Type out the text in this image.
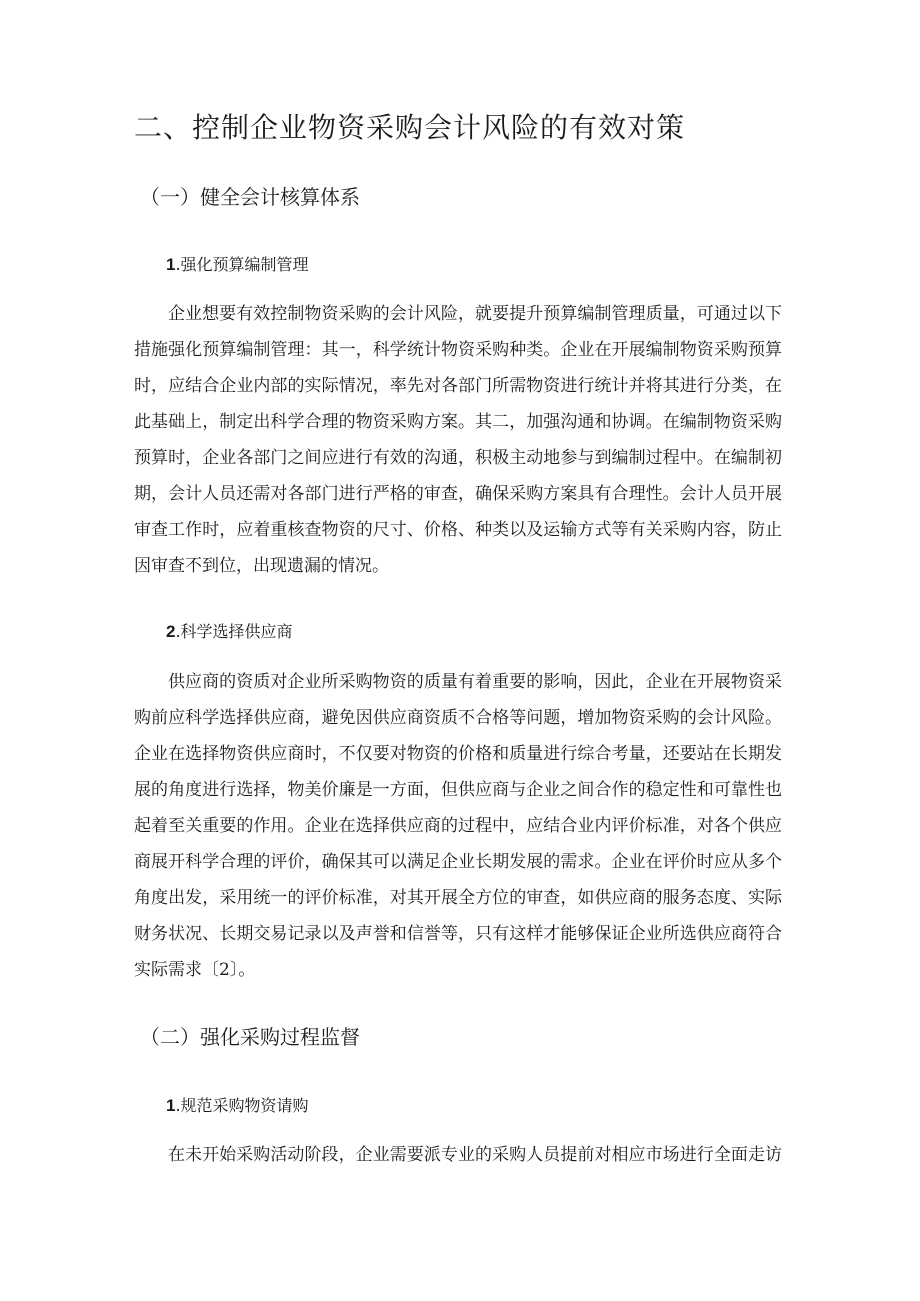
二、控制企业物资采购会计风险的有效对策
（一）健全会计核算体系
1.强化预算编制管理
企业想要有效控制物资采购的会计风险，就要提升预算编制管理质量，可通过以下
措施强化预算编制管理：其一，科学统计物资采购种类。企业在开展编制物资采购预算
时，应结合企业内部的实际情况，率先对各部门所需物资进行统计并将其进行分类，在
此基础上，制定出科学合理的物资采购方案。其二，加强沟通和协调。在编制物资采购
预算时，企业各部门之间应进行有效的沟通，积极主动地参与到编制过程中。在编制初
期，会计人员还需对各部门进行严格的审查，确保采购方案具有合理性。会计人员开展
审查工作时，应着重核查物资的尺寸、价格、种类以及运输方式等有关采购内容，防止
因审查不到位，出现遗漏的情况。
2.科学选择供应商
供应商的资质对企业所采购物资的质量有着重要的影响，因此，企业在开展物资采
购前应科学选择供应商，避免因供应商资质不合格等问题，增加物资采购的会计风险。
企业在选择物资供应商时，不仅要对物资的价格和质量进行综合考量，还要站在长期发
展的角度进行选择，物美价廉是一方面，但供应商与企业之间合作的稳定性和可靠性也
起着至关重要的作用。企业在选择供应商的过程中，应结合业内评价标准，对各个供应
商展开科学合理的评价，确保其可以满足企业长期发展的需求。企业在评价时应从多个
角度出发，采用统一的评价标准，对其开展全方位的审查，如供应商的服务态度、实际
财务状况、长期交易记录以及声誉和信誉等，只有这样才能够保证企业所选供应商符合
实际需求〔2〕。
（二）强化采购过程监督
1.规范采购物资请购
在未开始采购活动阶段，企业需要派专业的采购人员提前对相应市场进行全面走访
